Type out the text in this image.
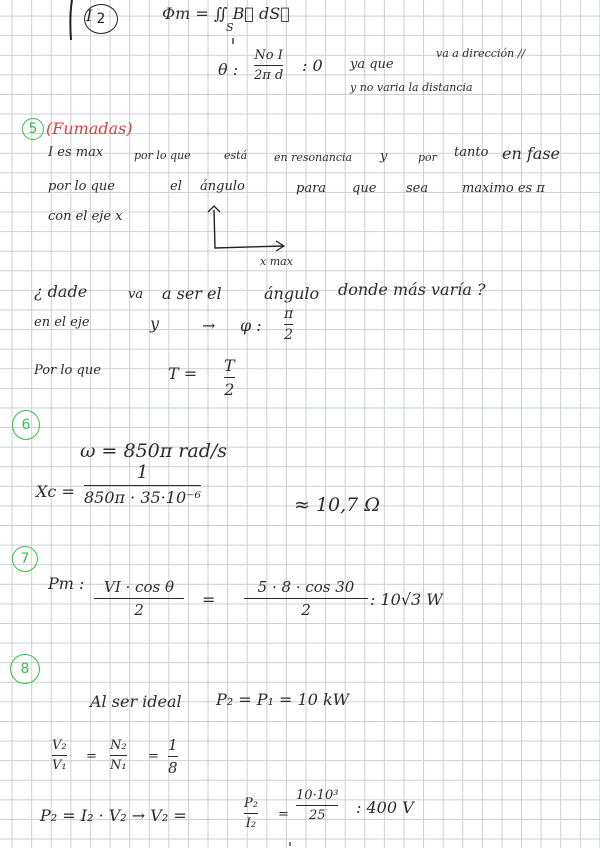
I 2	Φm = ∬ B⃗ dS⃗
S
θ :
No I
2π d
: 0 ya que
va a dirección //
y no varia la distancia
5 (Fumadas)
I es max	por lo que	está en resonancia y	por tanto en fase
por lo que	el ángulo	para que sea	maximo es π
con el eje x
x max
¿ dade	va a ser el	ángulo donde más varía ?
en el eje	y	→ φ :
π
2
Por lo que	T = T
2
6
ω = 850π rad/s
Xc =
1
850π · 35·10⁻⁶	≈ 10,7 Ω
7
Pm : VI · cos θ
2
=
5 · 8 · cos 30
2
: 10√3 W
8
Al ser ideal P₂ = P₁ = 10 kW
V₂
V₁
=
N₂
N₁
=
1
8
P₂ = I₂ · V₂ → V₂ =
P₂
I₂
=
10·10³
25 : 400 V
